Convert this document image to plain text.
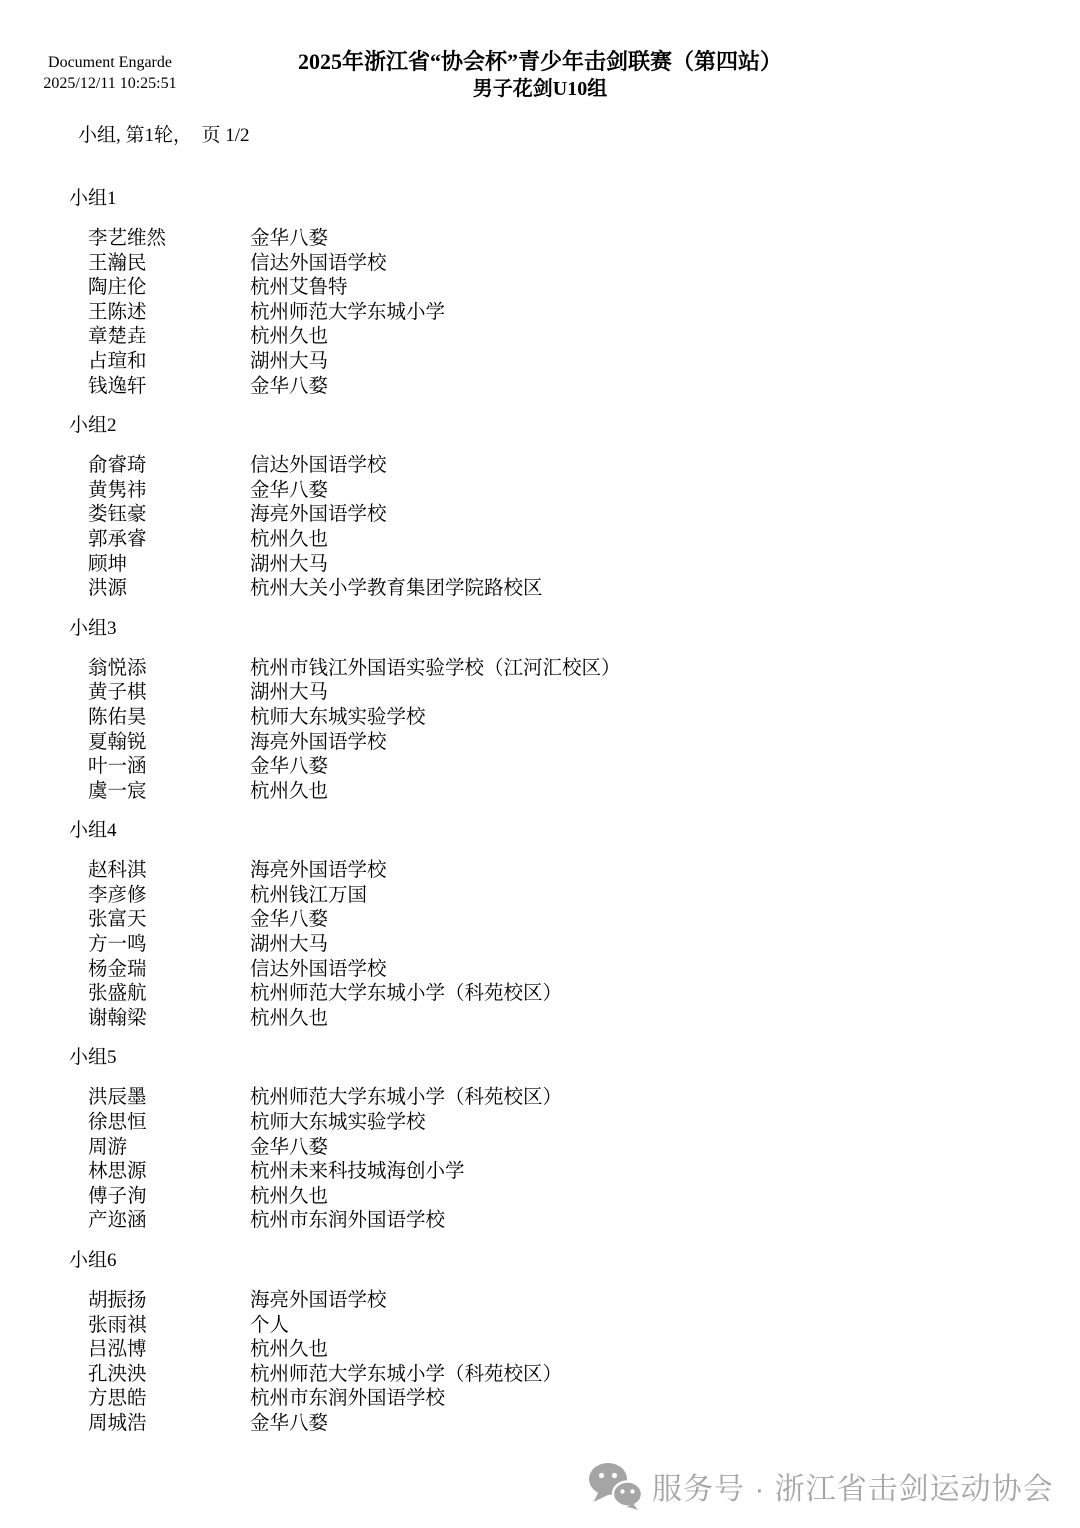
Document Engarde
2025/12/11 10:25:51
2025年浙江省“协会杯”青少年击剑联赛（第四站）
男子花剑U10组
小组, 第1轮，  页 1/2
小组1
李艺维然	金华八婺
王瀚民	信达外国语学校
陶庄伦	杭州艾鲁特
王陈述	杭州师范大学东城小学
章楚垚	杭州久也
占瑄和	湖州大马
钱逸轩	金华八婺
小组2
俞睿琦	信达外国语学校
黄隽祎	金华八婺
娄钰豪	海亮外国语学校
郭承睿	杭州久也
顾坤	湖州大马
洪源	杭州大关小学教育集团学院路校区
小组3
翁悦添	杭州市钱江外国语实验学校（江河汇校区）
黄子棋	湖州大马
陈佑昊	杭师大东城实验学校
夏翰锐	海亮外国语学校
叶一涵	金华八婺
虞一宸	杭州久也
小组4
赵科淇	海亮外国语学校
李彦修	杭州钱江万国
张富天	金华八婺
方一鸣	湖州大马
杨金瑞	信达外国语学校
张盛航	杭州师范大学东城小学（科苑校区）
谢翰梁	杭州久也
小组5
洪辰墨	杭州师范大学东城小学（科苑校区）
徐思恒	杭师大东城实验学校
周游	金华八婺
林思源	杭州未来科技城海创小学
傅子洵	杭州久也
产迩涵	杭州市东润外国语学校
小组6
胡振扬	海亮外国语学校
张雨祺	个人
吕泓博	杭州久也
孔泱泱	杭州师范大学东城小学（科苑校区）
方思皓	杭州市东润外国语学校
周城浩	金华八婺
服务号 · 浙江省击剑运动协会
